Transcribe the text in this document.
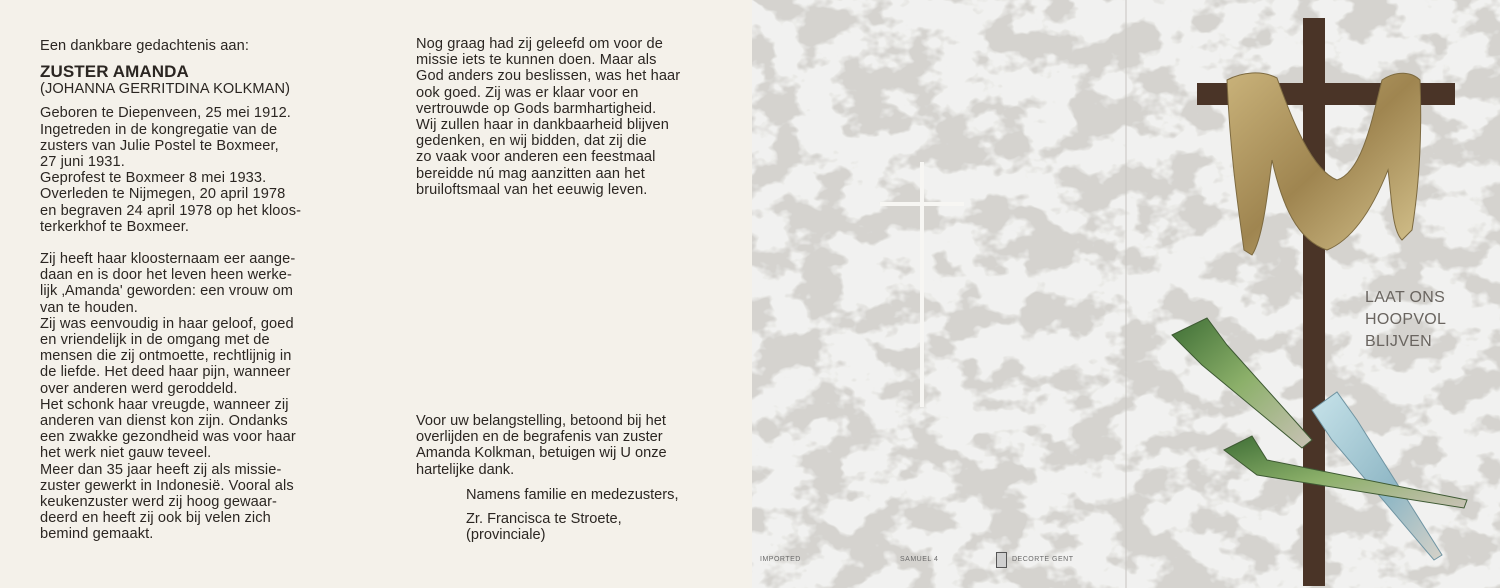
Een dankbare gedachtenis aan:
ZUSTER AMANDA
(JOHANNA GERRITDINA KOLKMAN)
Geboren te Diepenveen, 25 mei 1912.
Ingetreden in de kongregatie van de
zusters van Julie Postel te Boxmeer,
27 juni 1931.
Geprofest te Boxmeer 8 mei 1933.
Overleden te Nijmegen, 20 april 1978
en begraven 24 april 1978 op het kloos-
terkerkhof te Boxmeer.
Zij heeft haar kloosternaam eer aange-
daan en is door het leven heen werke-
lijk ‚Amanda' geworden: een vrouw om
van te houden.
Zij was eenvoudig in haar geloof, goed
en vriendelijk in de omgang met de
mensen die zij ontmoette, rechtlijnig in
de liefde. Het deed haar pijn, wanneer
over anderen werd geroddeld.
Het schonk haar vreugde, wanneer zij
anderen van dienst kon zijn. Ondanks
een zwakke gezondheid was voor haar
het werk niet gauw teveel.
Meer dan 35 jaar heeft zij als missie-
zuster gewerkt in Indonesië. Vooral als
keukenzuster werd zij hoog gewaar-
deerd en heeft zij ook bij velen zich
bemind gemaakt.
Nog graag had zij geleefd om voor de
missie iets te kunnen doen. Maar als
God anders zou beslissen, was het haar
ook goed. Zij was er klaar voor en
vertrouwde op Gods barmhartigheid.
Wij zullen haar in dankbaarheid blijven
gedenken, en wij bidden, dat zij die
zo vaak voor anderen een feestmaal
bereidde nú mag aanzitten aan het
bruiloftsmaal van het eeuwig leven.
Voor uw belangstelling, betoond bij het
overlijden en de begrafenis van zuster
Amanda Kolkman, betuigen wij U onze
hartelijke dank.
Namens familie en medezusters,
Zr. Francisca te Stroete,
(provinciale)
LAAT ONS
HOOPVOL
BLIJVEN
IMPORTED	SAMUEL 4	DECORTE GENT
